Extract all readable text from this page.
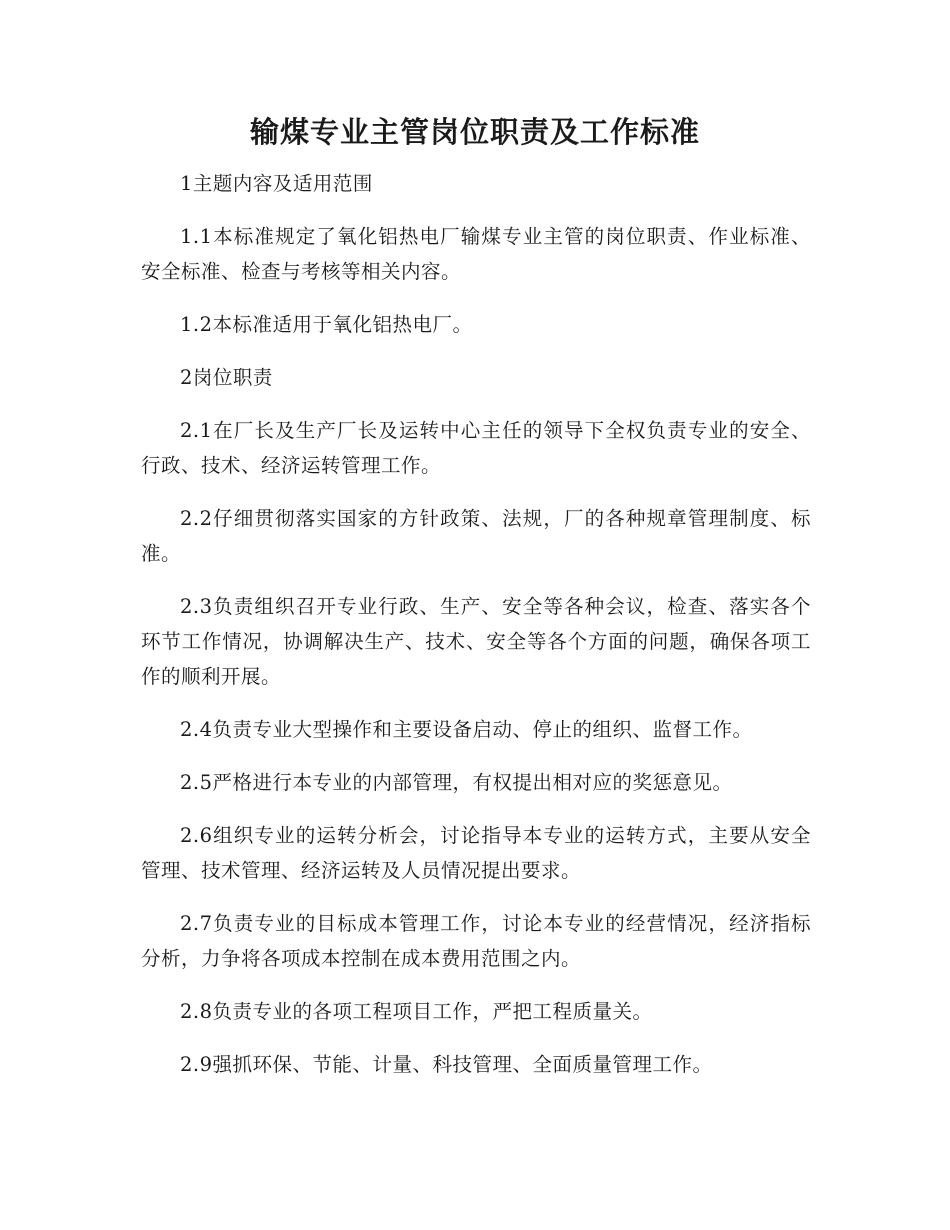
输煤专业主管岗位职责及工作标准

1主题内容及适用范围

1.1本标准规定了氧化铝热电厂输煤专业主管的岗位职责、作业标准、安全标准、检查与考核等相关内容。

1.2本标准适用于氧化铝热电厂。

2岗位职责

2.1在厂长及生产厂长及运转中心主任的领导下全权负责专业的安全、行政、技术、经济运转管理工作。

2.2仔细贯彻落实国家的方针政策、法规，厂的各种规章管理制度、标准。

2.3负责组织召开专业行政、生产、安全等各种会议，检查、落实各个环节工作情况，协调解决生产、技术、安全等各个方面的问题，确保各项工作的顺利开展。

2.4负责专业大型操作和主要设备启动、停止的组织、监督工作。

2.5严格进行本专业的内部管理，有权提出相对应的奖惩意见。

2.6组织专业的运转分析会，讨论指导本专业的运转方式，主要从安全管理、技术管理、经济运转及人员情况提出要求。

2.7负责专业的目标成本管理工作，讨论本专业的经营情况，经济指标分析，力争将各项成本控制在成本费用范围之内。

2.8负责专业的各项工程项目工作，严把工程质量关。

2.9强抓环保、节能、计量、科技管理、全面质量管理工作。
